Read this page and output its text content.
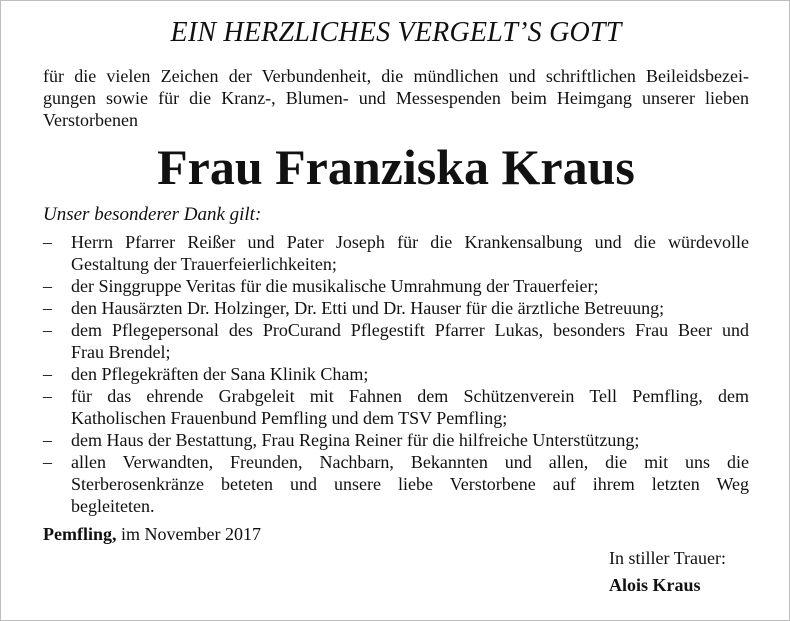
EIN HERZLICHES VERGELT’S GOTT

für die vielen Zeichen der Verbundenheit, die mündlichen und schriftlichen Beileidsbezei-
gungen sowie für die Kranz-, Blumen- und Messespenden beim Heimgang unserer lieben
Verstorbenen

Frau Franziska Kraus

Unser besonderer Dank gilt:

– Herrn Pfarrer Reißer und Pater Joseph für die Krankensalbung und die würdevolle
Gestaltung der Trauerfeierlichkeiten;
– der Singgruppe Veritas für die musikalische Umrahmung der Trauerfeier;
– den Hausärzten Dr. Holzinger, Dr. Etti und Dr. Hauser für die ärztliche Betreuung;
– dem Pflegepersonal des ProCurand Pflegestift Pfarrer Lukas, besonders Frau Beer und
Frau Brendel;
– den Pflegekräften der Sana Klinik Cham;
– für das ehrende Grabgeleit mit Fahnen dem Schützenverein Tell Pemfling, dem
Katholischen Frauenbund Pemfling und dem TSV Pemfling;
– dem Haus der Bestattung, Frau Regina Reiner für die hilfreiche Unterstützung;
– allen Verwandten, Freunden, Nachbarn, Bekannten und allen, die mit uns die
Sterberosenkränze beteten und unsere liebe Verstorbene auf ihrem letzten Weg
begleiteten.

Pemfling, im November 2017

In stiller Trauer:

Alois Kraus
